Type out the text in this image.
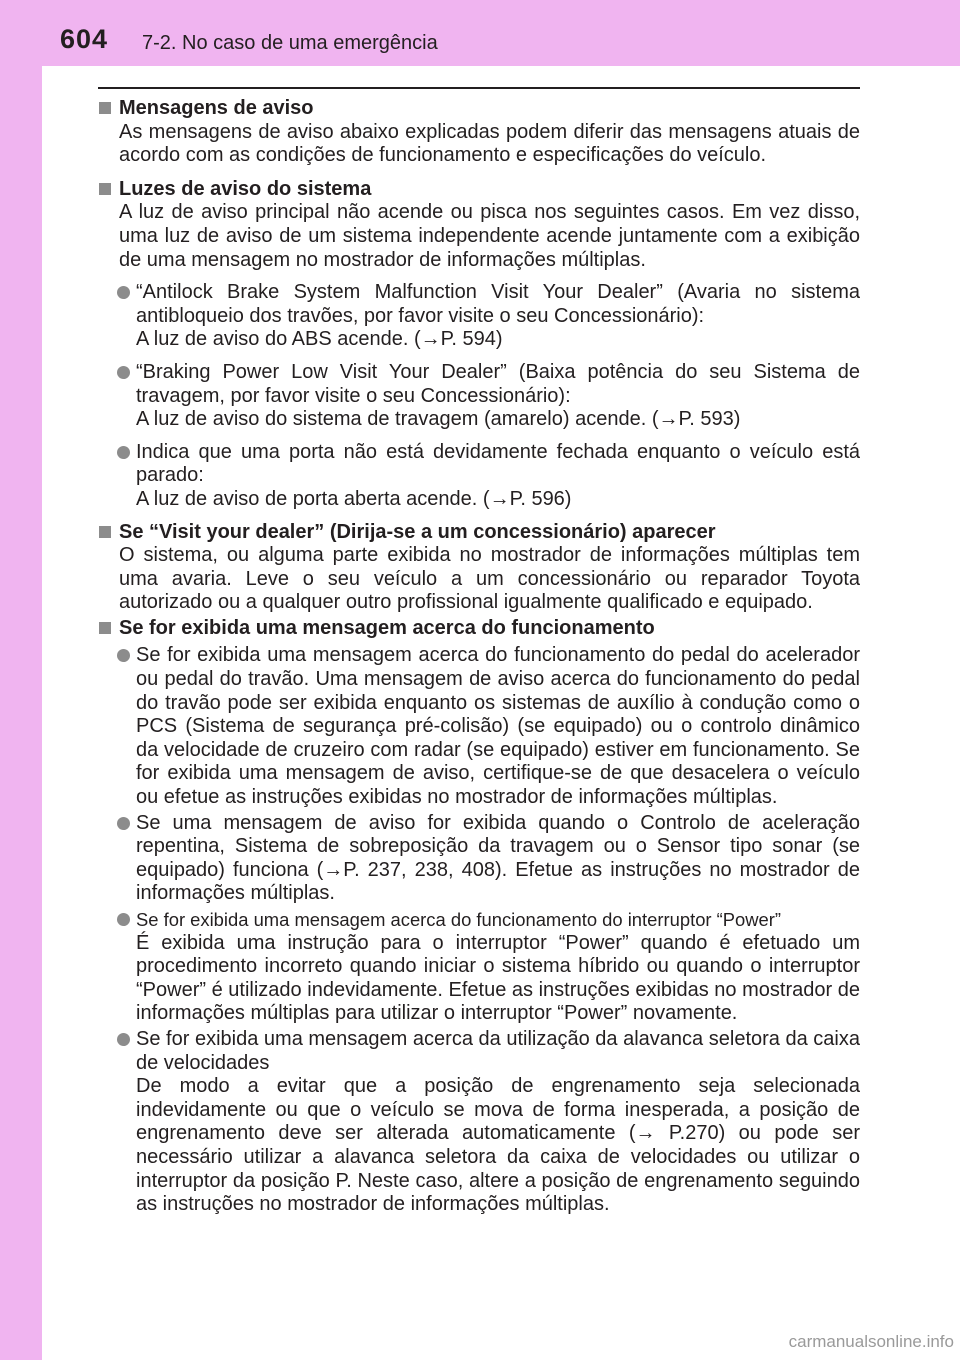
604 7-2. No caso de uma emergência
Mensagens de aviso
As mensagens de aviso abaixo explicadas podem diferir das mensagens atuais de acordo com as condições de funcionamento e especificações do veículo.
Luzes de aviso do sistema
A luz de aviso principal não acende ou pisca nos seguintes casos. Em vez disso, uma luz de aviso de um sistema independente acende juntamente com a exibição de uma mensagem no mostrador de informações múltiplas.
“Antilock Brake System Malfunction Visit Your Dealer” (Avaria no sistema antibloqueio dos travões, por favor visite o seu Concessionário):
A luz de aviso do ABS acende. (→P. 594)
“Braking Power Low Visit Your Dealer” (Baixa potência do seu Sistema de travagem, por favor visite o seu Concessionário):
A luz de aviso do sistema de travagem (amarelo) acende. (→P. 593)
Indica que uma porta não está devidamente fechada enquanto o veículo está parado:
A luz de aviso de porta aberta acende. (→P. 596)
Se “Visit your dealer” (Dirija-se a um concessionário) aparecer
O sistema, ou alguma parte exibida no mostrador de informações múltiplas tem uma avaria. Leve o seu veículo a um concessionário ou reparador Toyota autorizado ou a qualquer outro profissional igualmente qualificado e equipado.
Se for exibida uma mensagem acerca do funcionamento
Se for exibida uma mensagem acerca do funcionamento do pedal do acelerador ou pedal do travão. Uma mensagem de aviso acerca do funcionamento do pedal do travão pode ser exibida enquanto os sistemas de auxílio à condução como o PCS (Sistema de segurança pré-colisão) (se equipado) ou o controlo dinâmico da velocidade de cruzeiro com radar (se equipado) estiver em funcionamento. Se for exibida uma mensagem de aviso, certifique-se de que desacelera o veículo ou efetue as instruções exibidas no mostrador de informações múltiplas.
Se uma mensagem de aviso for exibida quando o Controlo de aceleração repentina, Sistema de sobreposição da travagem ou o Sensor tipo sonar (se equipado) funciona (→P. 237, 238, 408). Efetue as instruções no mostrador de informações múltiplas.
Se for exibida uma mensagem acerca do funcionamento do interruptor “Power”
É exibida uma instrução para o interruptor “Power” quando é efetuado um procedimento incorreto quando iniciar o sistema híbrido ou quando o interruptor “Power” é utilizado indevidamente. Efetue as instruções exibidas no mostrador de informações múltiplas para utilizar o interruptor “Power” novamente.
Se for exibida uma mensagem acerca da utilização da alavanca seletora da caixa de velocidades
De modo a evitar que a posição de engrenamento seja selecionada indevidamente ou que o veículo se mova de forma inesperada, a posição de engrenamento deve ser alterada automaticamente (→ P.270) ou pode ser necessário utilizar a alavanca seletora da caixa de velocidades ou utilizar o interruptor da posição P. Neste caso, altere a posição de engrenamento seguindo as instruções no mostrador de informações múltiplas.
carmanualsonline.info
